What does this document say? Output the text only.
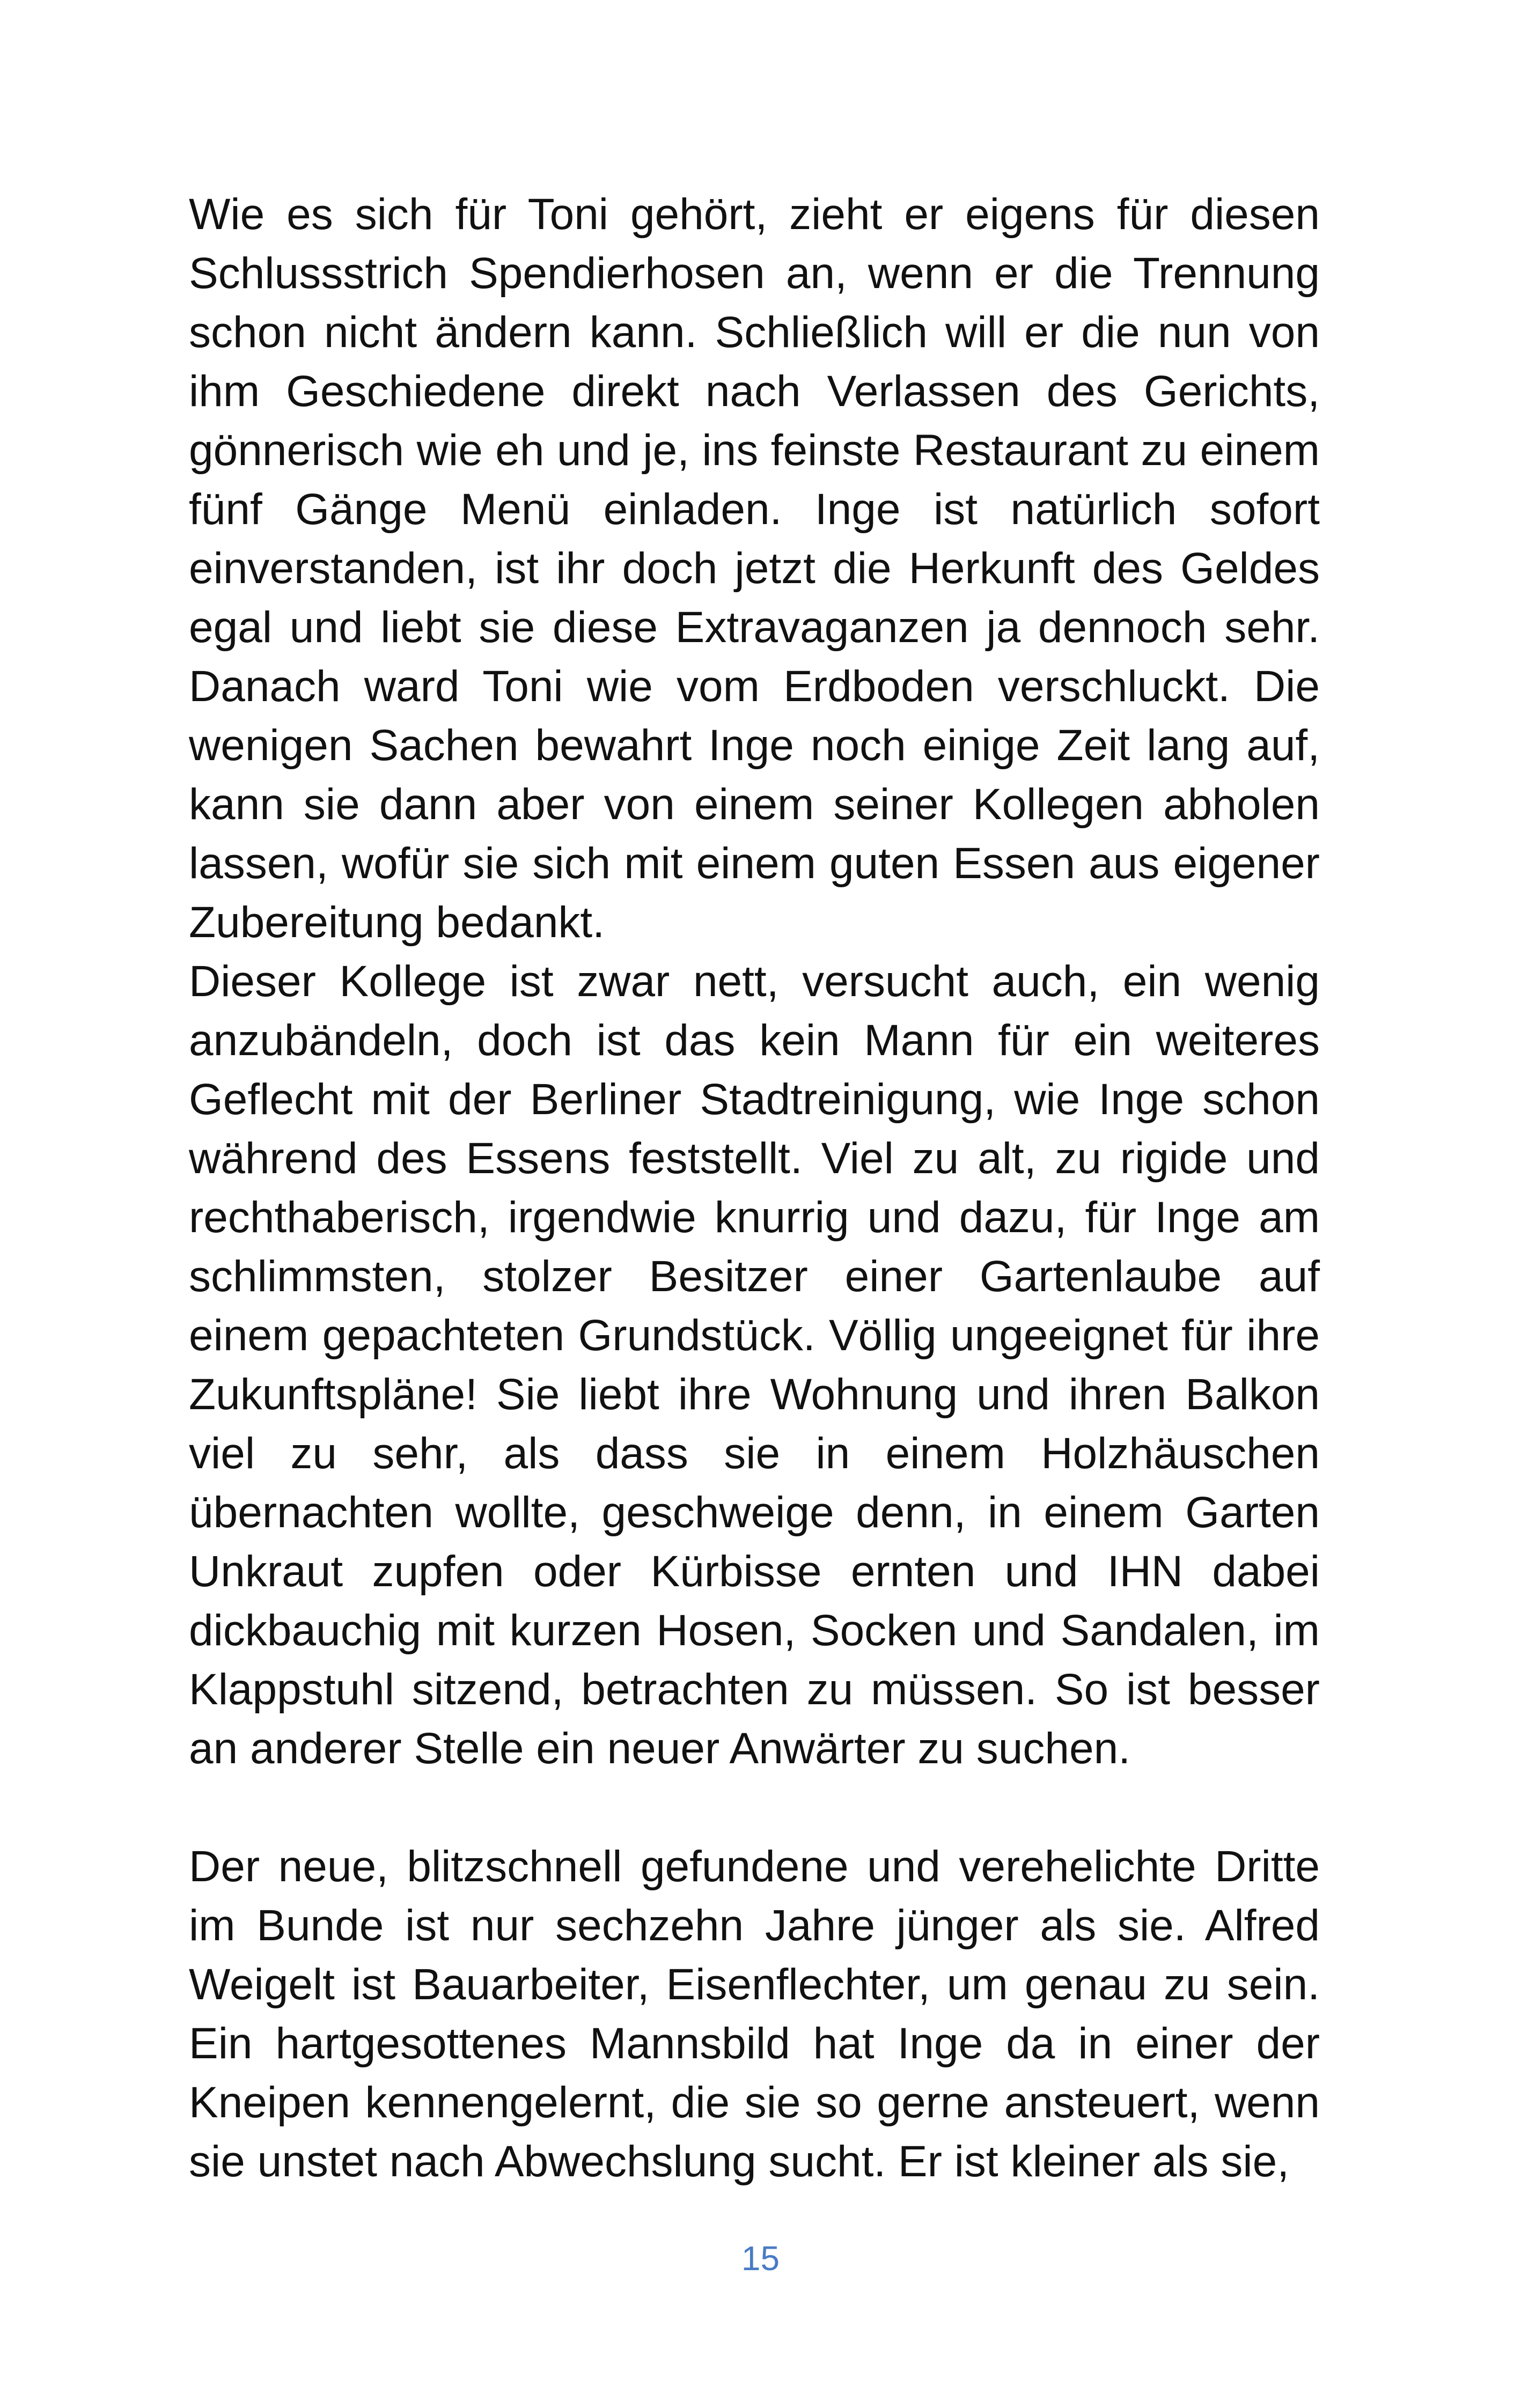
Wie es sich für Toni gehört, zieht er eigens für diesen Schlussstrich Spendierhosen an, wenn er die Trennung schon nicht ändern kann. Schließlich will er die nun von ihm Geschiedene direkt nach Verlassen des Gerichts, gönnerisch wie eh und je, ins feinste Restaurant zu einem fünf Gänge Menü einladen. Inge ist natürlich sofort einverstanden, ist ihr doch jetzt die Herkunft des Geldes egal und liebt sie diese Extravaganzen ja dennoch sehr. Danach ward Toni wie vom Erdboden verschluckt. Die wenigen Sachen bewahrt Inge noch einige Zeit lang auf, kann sie dann aber von einem seiner Kollegen abholen lassen, wofür sie sich mit einem guten Essen aus eigener Zubereitung bedankt.

Dieser Kollege ist zwar nett, versucht auch, ein wenig anzubändeln, doch ist das kein Mann für ein weiteres Geflecht mit der Berliner Stadtreinigung, wie Inge schon während des Essens feststellt. Viel zu alt, zu rigide und rechthaberisch, irgendwie knurrig und dazu, für Inge am schlimmsten, stolzer Besitzer einer Gartenlaube auf einem gepachteten Grundstück. Völlig ungeeignet für ihre Zukunftspläne! Sie liebt ihre Wohnung und ihren Balkon viel zu sehr, als dass sie in einem Holzhäuschen übernachten wollte, geschweige denn, in einem Garten Unkraut zupfen oder Kürbisse ernten und IHN dabei dickbauchig mit kurzen Hosen, Socken und Sandalen, im Klappstuhl sitzend, betrachten zu müssen. So ist besser an anderer Stelle ein neuer Anwärter zu suchen.

Der neue, blitzschnell gefundene und verehelichte Dritte im Bunde ist nur sechzehn Jahre jünger als sie. Alfred Weigelt ist Bauarbeiter, Eisenflechter, um genau zu sein. Ein hartgesottenes Mannsbild hat Inge da in einer der Kneipen kennengelernt, die sie so gerne ansteuert, wenn sie unstet nach Abwechslung sucht. Er ist kleiner als sie,

15
